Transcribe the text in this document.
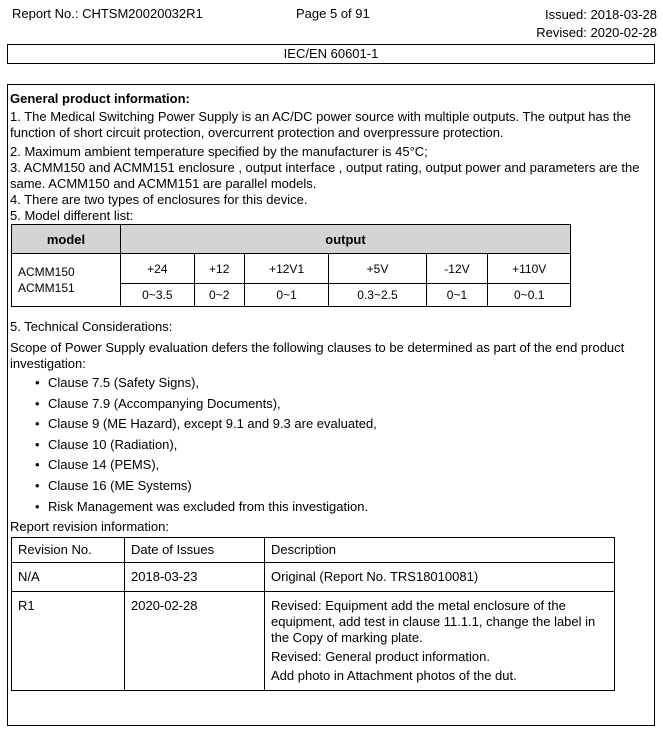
Report No.: CHTSM20020032R1	Page 5 of 91	Issued: 2018-03-28
Revised: 2020-02-28
IEC/EN 60601-1
General product information:

1. The Medical Switching Power Supply is an AC/DC power source with multiple outputs. The output has the function of short circuit protection, overcurrent protection and overpressure protection.

2. Maximum ambient temperature specified by the manufacturer is 45°C;

3. ACMM150 and ACMM151 enclosure , output interface , output rating, output power and parameters are the same. ACMM150 and ACMM151 are parallel models.

4. There are two types of enclosures for this device.

5. Model different list:

model	output					

ACMM150
ACMM151	+24	+12	+12V1	+5V	-12V	+110V
	0~3.5	0~2	0~1	0.3~2.5	0~1	0~0.1

5. Technical Considerations:

Scope of Power Supply evaluation defers the following clauses to be determined as part of the end product investigation:

• Clause 7.5 (Safety Signs),
• Clause 7.9 (Accompanying Documents),
• Clause 9 (ME Hazard), except 9.1 and 9.3 are evaluated,
• Clause 10 (Radiation),
• Clause 14 (PEMS),
• Clause 16 (ME Systems)
• Risk Management was excluded from this investigation.
Report revision information:
Revision No.	Date of Issues	Description
N/A	2018-03-23	Original (Report No. TRS18010081)
R1	2020-02-28	Revised: Equipment add the metal enclosure of the equipment, add test in clause 11.1.1, change the label in the Copy of marking plate.
Revised: General product information.
Add photo in Attachment photos of the dut.
